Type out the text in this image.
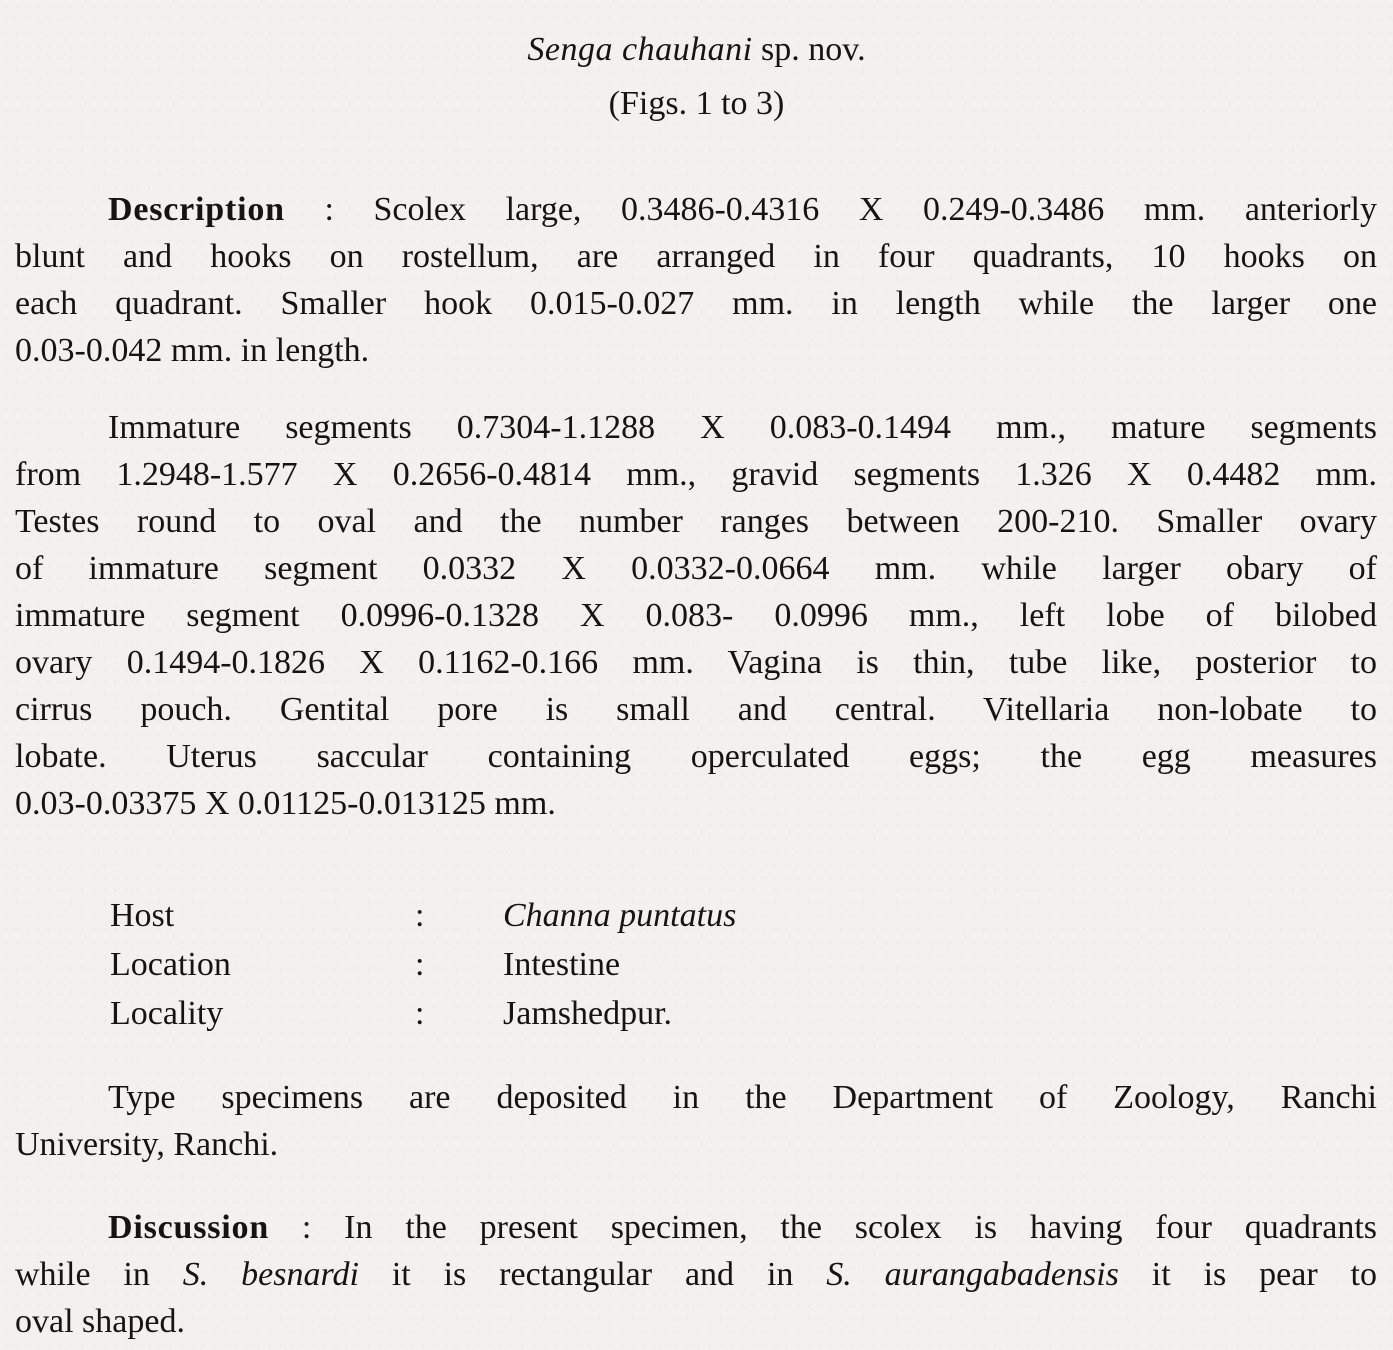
Senga chauhani sp. nov.
(Figs. 1 to 3)
Description : Scolex large, 0.3486-0.4316 X 0.249-0.3486 mm. anteriorly
blunt and hooks on rostellum, are arranged in four quadrants, 10 hooks on
each quadrant. Smaller hook 0.015-0.027 mm. in length while the larger one
0.03-0.042 mm. in length.
Immature segments 0.7304-1.1288 X 0.083-0.1494 mm., mature segments
from 1.2948-1.577 X 0.2656-0.4814 mm., gravid segments 1.326 X 0.4482 mm.
Testes round to oval and the number ranges between 200-210. Smaller ovary
of immature segment 0.0332 X 0.0332-0.0664 mm. while larger obary of
immature segment 0.0996-0.1328 X 0.083- 0.0996 mm., left lobe of bilobed
ovary 0.1494-0.1826 X 0.1162-0.166 mm. Vagina is thin, tube like, posterior to
cirrus pouch. Gentital pore is small and central. Vitellaria non-lobate to
lobate. Uterus saccular containing operculated eggs; the egg measures
0.03-0.03375 X 0.01125-0.013125 mm.
Host	:	Channa puntatus
Location	:	Intestine
Locality	:	Jamshedpur.
Type specimens are deposited in the Department of Zoology, Ranchi
University, Ranchi.
Discussion : In the present specimen, the scolex is having four quadrants
while in S. besnardi it is rectangular and in S. aurangabadensis it is pear to
oval shaped.
